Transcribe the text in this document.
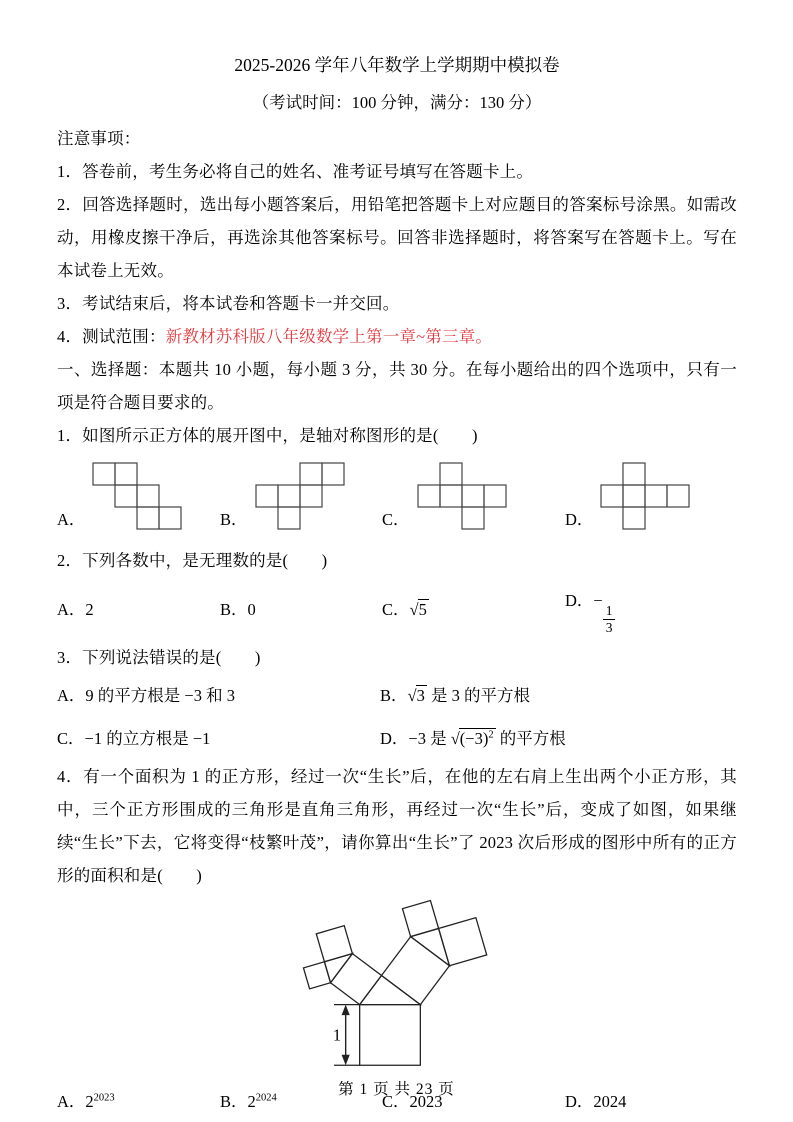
2025-2026 学年八年数学上学期期中模拟卷
（考试时间：100 分钟，满分：130 分）

注意事项：

1．答卷前，考生务必将自己的姓名、准考证号填写在答题卡上。

2．回答选择题时，选出每小题答案后，用铅笔把答题卡上对应题目的答案标号涂黑。如需改动，用橡皮擦干净后，再选涂其他答案标号。回答非选择题时，将答案写在答题卡上。写在本试卷上无效。

3．考试结束后，将本试卷和答题卡一并交回。

4．测试范围：新教材苏科版八年级数学上第一章~第三章。

一、选择题：本题共 10 小题，每小题 3 分，共 30 分。在每小题给出的四个选项中，只有一项是符合题目要求的。

1．如图所示正方体的展开图中，是轴对称图形的是(　　)

A．	B．	C．	D．

2．下列各数中，是无理数的是(　　)

A．2	B．0	C．√5	D．−
$\frac{1}{3}$

3．下列说法错误的是(　　)

A．9 的平方根是 −3 和 3	B．√3 是 3 的平方根
C．−1 的立方根是 −1	D．−3 是 $√(-3)^2$ 的平方根

4．有一个面积为 1 的正方形，经过一次“生长”后，在他的左右肩上生出两个小正方形，其中，三个正方形围成的三角形是直角三角形，再经过一次“生长”后，变成了如图，如果继续“生长”下去，它将变得“枝繁叶茂”，请你算出“生长”了 2023 次后形成的图形中所有的正方形的面积和是(　　)

1
A．$2^{2023}$	B．$2^{2024}$	C．2023	D．2024
第 1 页 共 23 页
